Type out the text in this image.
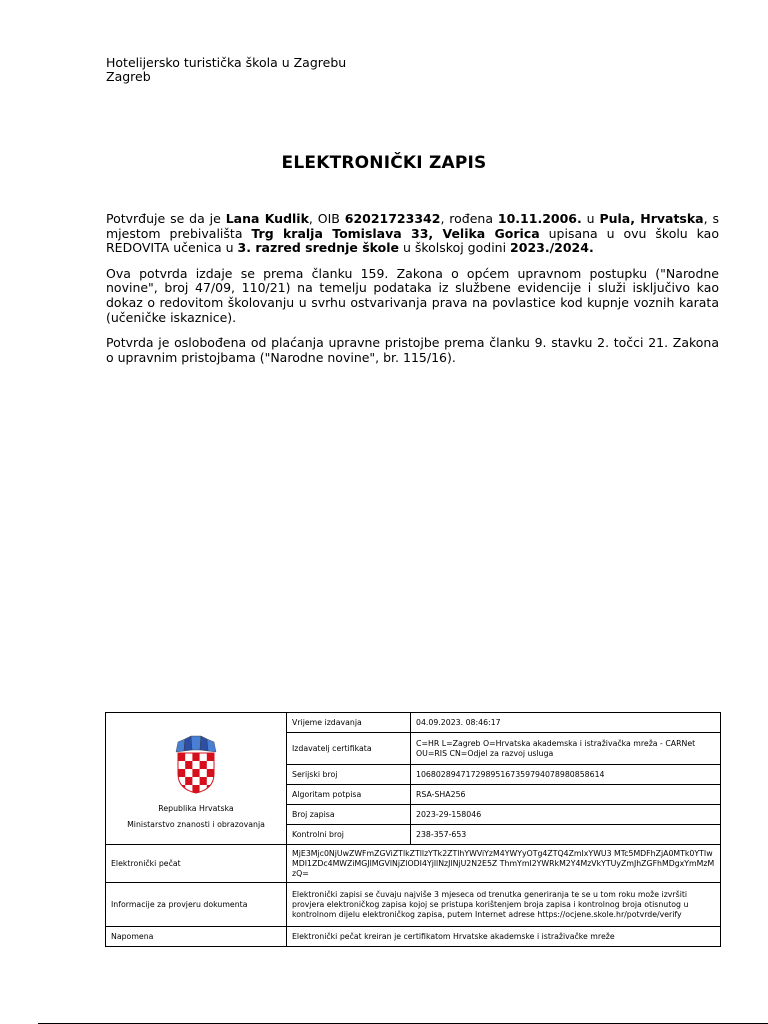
Hotelijersko turistička škola u Zagrebu
Zagreb
ELEKTRONIČKI ZAPIS

Potvrđuje se da je Lana Kudlik, OIB 62021723342, rođena 10.11.2006. u Pula, Hrvatska, s mjestom prebivališta Trg kralja Tomislava 33, Velika Gorica upisana u ovu školu kao REDOVITA učenica u 3. razred srednje škole u školskoj godini 2023./2024.

Ova potvrda izdaje se prema članku 159. Zakona o općem upravnom postupku ("Narodne novine", broj 47/09, 110/21) na temelju podataka iz službene evidencije i služi isključivo kao dokaz o redovitom školovanju u svrhu ostvarivanja prava na povlastice kod kupnje voznih karata (učeničke iskaznice).

Potvrda je oslobođena od plaćanja upravne pristojbe prema članku 9. stavku 2. točci 21. Zakona o upravnim pristojbama ("Narodne novine", br. 115/16).

Republika Hrvatska
Ministarstvo znanosti i obrazovanja	Vrijeme izdavanja	04.09.2023. 08:46:17
	Izdavatelj certifikata	C=HR L=Zagreb O=Hrvatska akademska i istraživačka mreža - CARNet OU=RIS CN=Odjel za razvoj usluga
	Serijski broj	106802894717298951673597940789808586​14
	Algoritam potpisa	RSA-SHA256
	Broj zapisa	2023-29-158046
	Kontrolni broj	238-357-653
Elektronički pečat	MjE3Mjc0NjUwZWFmZGViZTlkZTllzYTk2ZTlhYWViYzM4YWYyOTg4ZTQ4ZmIxYWU3 MTc5MDFhZjA0MTk0YTIwMDI1ZDc4MWZiMGJlMGVlNjZlODI4YjllNzJlNjU2N2E5Z ThmYmI2YWRkM2Y4MzVkYTUyZmJhZGFhMDgxYmMzMzQ=	
Informacije za provjeru dokumenta	Elektronički zapisi se čuvaju najviše 3 mjeseca od trenutka generiranja te se u tom roku može izvršiti provjera elektroničkog zapisa kojoj se pristupa korištenjem broja zapisa i kontrolnog broja otisnutog u kontrolnom dijelu elektroničkog zapisa, putem Internet adrese https://ocjene.skole.hr/potvrde/verify	
Napomena	Elektronički pečat kreiran je certifikatom Hrvatske akademske i istraživačke mreže	
